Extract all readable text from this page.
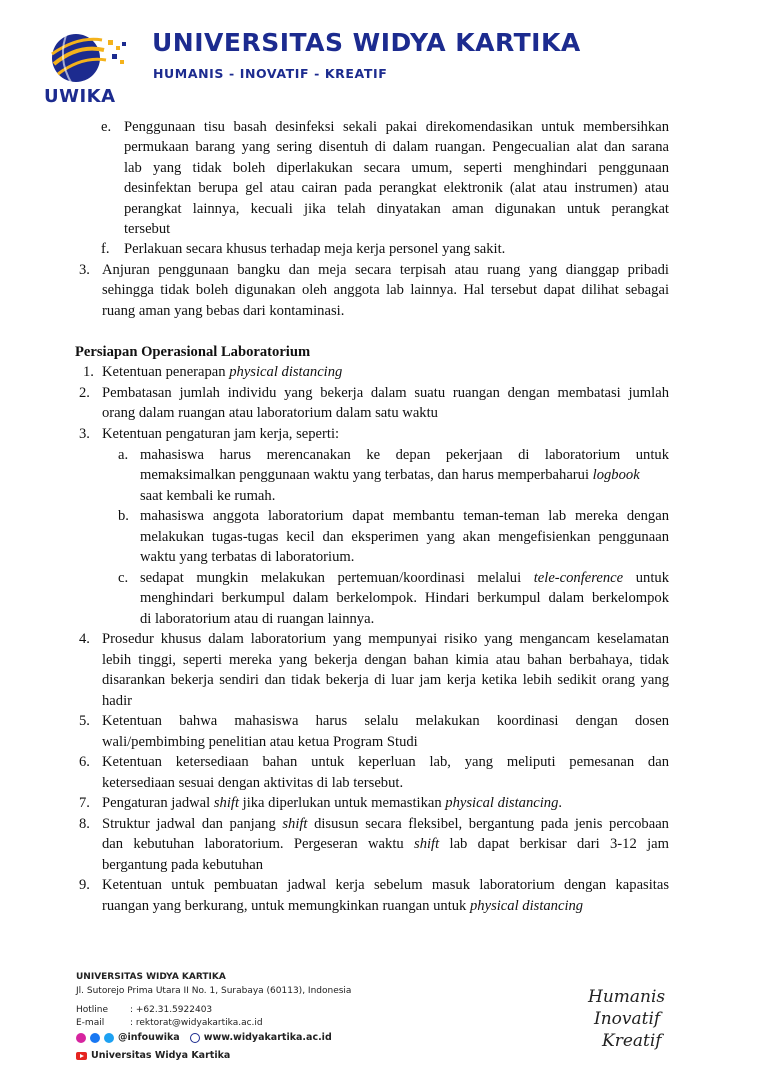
UWIKA
UNIVERSITAS WIDYA KARTIKA
HUMANIS - INOVATIF - KREATIF
e. Penggunaan tisu basah desinfeksi sekali pakai direkomendasikan untuk membersihkan
permukaan barang yang sering disentuh di dalam ruangan. Pengecualian alat dan sarana
lab yang tidak boleh diperlakukan secara umum, seperti menghindari penggunaan
desinfektan berupa gel atau cairan pada perangkat elektronik (alat atau instrumen) atau
perangkat lainnya, kecuali jika telah dinyatakan aman digunakan untuk perangkat
tersebut
f. Perlakuan secara khusus terhadap meja kerja personel yang sakit.
3. Anjuran penggunaan bangku dan meja secara terpisah atau ruang yang dianggap pribadi
sehingga tidak boleh digunakan oleh anggota lab lainnya. Hal tersebut dapat dilihat sebagai
ruang aman yang bebas dari kontaminasi.
Persiapan Operasional Laboratorium
1. Ketentuan penerapan physical distancing
2. Pembatasan jumlah individu yang bekerja dalam suatu ruangan dengan membatasi jumlah
orang dalam ruangan atau laboratorium dalam satu waktu
3. Ketentuan pengaturan jam kerja, seperti:
a. mahasiswa harus merencanakan ke depan pekerjaan di laboratorium untuk
memaksimalkan penggunaan waktu yang terbatas, dan harus memperbaharui logbook
saat kembali ke rumah.
b. mahasiswa anggota laboratorium dapat membantu teman-teman lab mereka dengan
melakukan tugas-tugas kecil dan eksperimen yang akan mengefisienkan penggunaan
waktu yang terbatas di laboratorium.
c. sedapat mungkin melakukan pertemuan/koordinasi melalui tele-conference untuk
menghindari berkumpul dalam berkelompok. Hindari berkumpul dalam berkelompok
di laboratorium atau di ruangan lainnya.
4. Prosedur khusus dalam laboratorium yang mempunyai risiko yang mengancam keselamatan
lebih tinggi, seperti mereka yang bekerja dengan bahan kimia atau bahan berbahaya, tidak
disarankan bekerja sendiri dan tidak bekerja di luar jam kerja ketika lebih sedikit orang yang
hadir
5. Ketentuan bahwa mahasiswa harus selalu melakukan koordinasi dengan dosen
wali/pembimbing penelitian atau ketua Program Studi
6. Ketentuan ketersediaan bahan untuk keperluan lab, yang meliputi pemesanan dan
ketersediaan sesuai dengan aktivitas di lab tersebut.
7. Pengaturan jadwal shift jika diperlukan untuk memastikan physical distancing.
8. Struktur jadwal dan panjang shift disusun secara fleksibel, bergantung pada jenis percobaan
dan kebutuhan laboratorium. Pergeseran waktu shift lab dapat berkisar dari 3-12 jam
bergantung pada kebutuhan
9. Ketentuan untuk pembuatan jadwal kerja sebelum masuk laboratorium dengan kapasitas
ruangan yang berkurang, untuk memungkinkan ruangan untuk physical distancing
UNIVERSITAS WIDYA KARTIKA
Jl. Sutorejo Prima Utara II No. 1, Surabaya (60113), Indonesia
Hotline : +62.31.5922403
E-mail	: rektorat@widyakartika.ac.id
@infouwika	www.widyakartika.ac.id
Universitas Widya Kartika
Humanis
Inovatif
Kreatif
